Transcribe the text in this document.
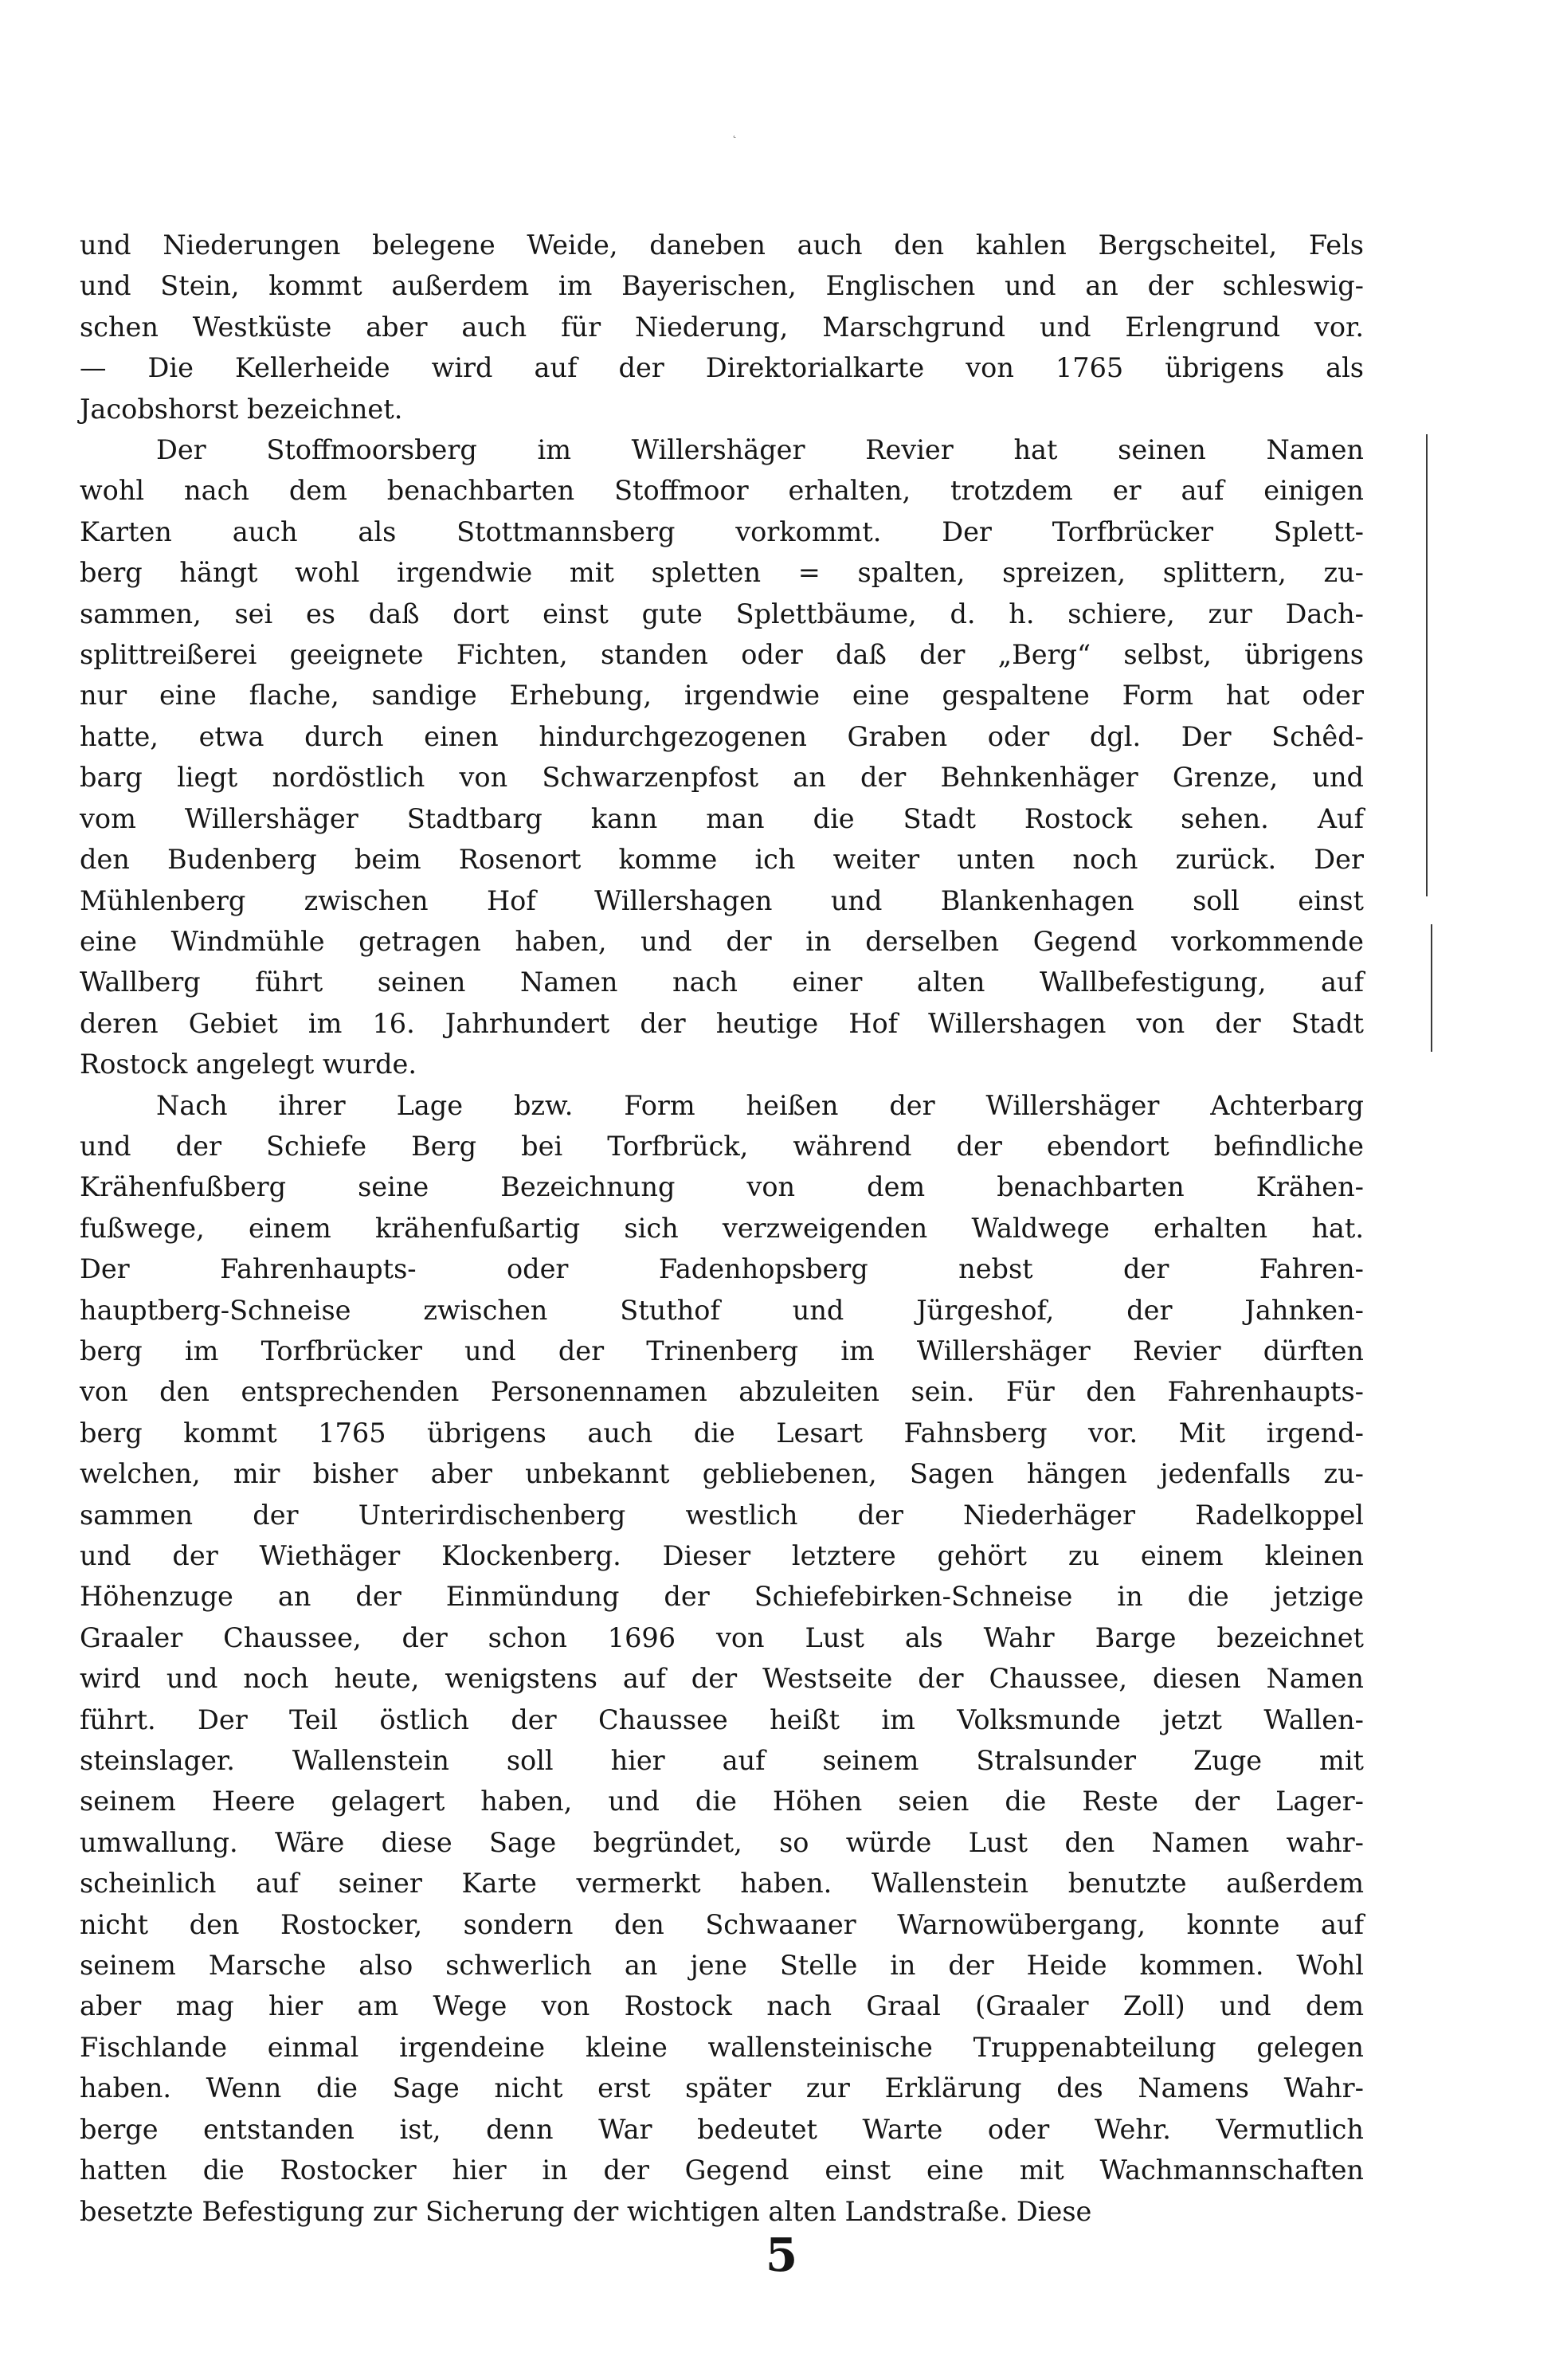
˛
und Niederungen belegene Weide, daneben auch den kahlen Bergscheitel, Fels
und Stein, kommt außerdem im Bayerischen, Englischen und an der schleswig-
schen Westküste aber auch für Niederung, Marschgrund und Erlengrund vor.
— Die Kellerheide wird auf der Direktorialkarte von 1765 übrigens als
Jacobshorst bezeichnet.
Der Stoffmoorsberg im Willershäger Revier hat seinen Namen
wohl nach dem benachbarten Stoffmoor erhalten, trotzdem er auf einigen
Karten auch als Stottmannsberg vorkommt. Der Torfbrücker Splett-
berg hängt wohl irgendwie mit spletten = spalten, spreizen, splittern, zu-
sammen, sei es daß dort einst gute Splettbäume, d. h. schiere, zur Dach-
splittreißerei geeignete Fichten, standen oder daß der „Berg“ selbst, übrigens
nur eine flache, sandige Erhebung, irgendwie eine gespaltene Form hat oder
hatte, etwa durch einen hindurchgezogenen Graben oder dgl. Der Schêd-
barg liegt nordöstlich von Schwarzenpfost an der Behnkenhäger Grenze, und
vom Willershäger Stadtbarg kann man die Stadt Rostock sehen. Auf
den Budenberg beim Rosenort komme ich weiter unten noch zurück. Der
Mühlenberg zwischen Hof Willershagen und Blankenhagen soll einst
eine Windmühle getragen haben, und der in derselben Gegend vorkommende
Wallberg führt seinen Namen nach einer alten Wallbefestigung, auf
deren Gebiet im 16. Jahrhundert der heutige Hof Willershagen von der Stadt
Rostock angelegt wurde.
Nach ihrer Lage bzw. Form heißen der Willershäger Achterbarg
und der Schiefe Berg bei Torfbrück, während der ebendort befindliche
Krähenfußberg seine Bezeichnung von dem benachbarten Krähen-
fußwege, einem krähenfußartig sich verzweigenden Waldwege erhalten hat.
Der Fahrenhaupts- oder Fadenhopsberg nebst der Fahren-
hauptberg-Schneise zwischen Stuthof und Jürgeshof, der Jahnken-
berg im Torfbrücker und der Trinenberg im Willershäger Revier dürften
von den entsprechenden Personennamen abzuleiten sein. Für den Fahrenhaupts-
berg kommt 1765 übrigens auch die Lesart Fahnsberg vor. Mit irgend-
welchen, mir bisher aber unbekannt gebliebenen, Sagen hängen jedenfalls zu-
sammen der Unterirdischenberg westlich der Niederhäger Radelkoppel
und der Wiethäger Klockenberg. Dieser letztere gehört zu einem kleinen
Höhenzuge an der Einmündung der Schiefebirken-Schneise in die jetzige
Graaler Chaussee, der schon 1696 von Lust als Wahr Barge bezeichnet
wird und noch heute, wenigstens auf der Westseite der Chaussee, diesen Namen
führt. Der Teil östlich der Chaussee heißt im Volksmunde jetzt Wallen-
steinslager. Wallenstein soll hier auf seinem Stralsunder Zuge mit
seinem Heere gelagert haben, und die Höhen seien die Reste der Lager-
umwallung. Wäre diese Sage begründet, so würde Lust den Namen wahr-
scheinlich auf seiner Karte vermerkt haben. Wallenstein benutzte außerdem
nicht den Rostocker, sondern den Schwaaner Warnowübergang, konnte auf
seinem Marsche also schwerlich an jene Stelle in der Heide kommen. Wohl
aber mag hier am Wege von Rostock nach Graal (Graaler Zoll) und dem
Fischlande einmal irgendeine kleine wallensteinische Truppenabteilung gelegen
haben. Wenn die Sage nicht erst später zur Erklärung des Namens Wahr-
berge entstanden ist, denn War bedeutet Warte oder Wehr. Vermutlich
hatten die Rostocker hier in der Gegend einst eine mit Wachmannschaften
besetzte Befestigung zur Sicherung der wichtigen alten Landstraße. Diese
5
